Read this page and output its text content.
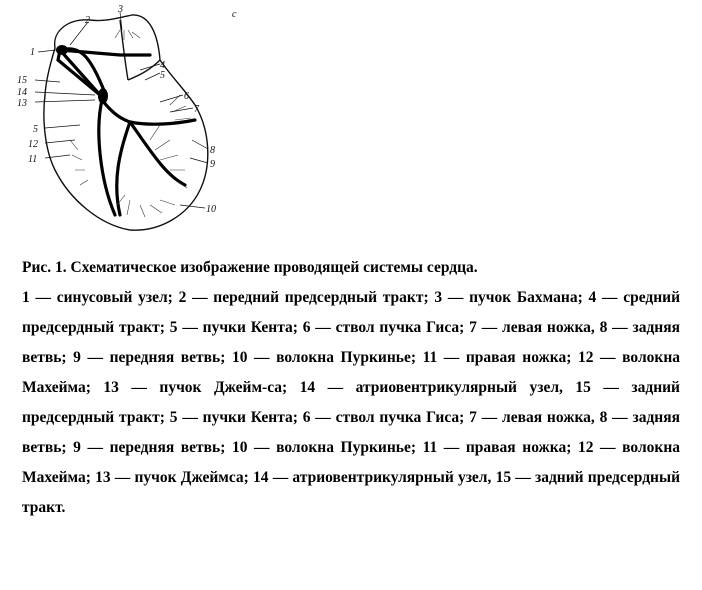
1
2
3	c
4
5
6
7
8
9
10
15
14
13
5
12
11
Рис. 1. Схематическое изображение проводящей системы сердца.
1 — синусовый узел; 2 — передний предсердный тракт; 3 — пучок Бахмана; 4 — средний предсердный тракт; 5 — пучки Кента; 6 — ствол пучка Гиса; 7 — левая ножка, 8 — задняя ветвь; 9 — передняя ветвь; 10 — волокна Пуркинье; 11 — правая ножка; 12 — волокна Махейма; 13 — пучок Джейм-са; 14 — атриовентрикулярный узел, 15 — задний предсердный тракт; 5 — пучки Кента; 6 — ствол пучка Гиса; 7 — левая ножка, 8 — задняя ветвь; 9 — передняя ветвь; 10 — волокна Пуркинье; 11 — правая ножка; 12 — волокна Махейма; 13 — пучок Джеймса; 14 — атриовентрикулярный узел, 15 — задний предсердный тракт.
